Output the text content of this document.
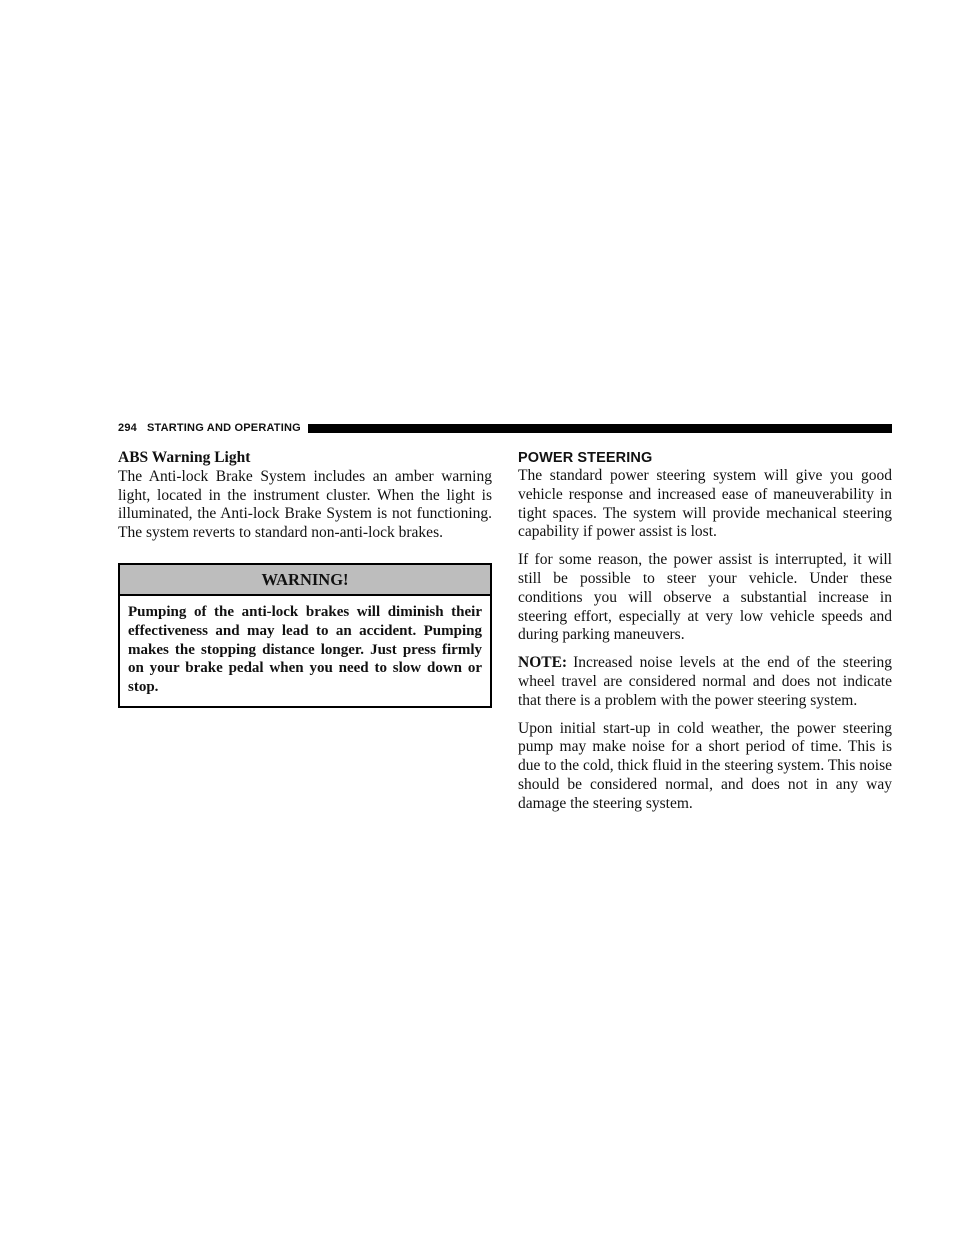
294 STARTING AND OPERATING
ABS Warning Light

The Anti-lock Brake System includes an amber warning light, located in the instrument cluster. When the light is illuminated, the Anti-lock Brake System is not functioning. The system reverts to standard non-anti-lock brakes.

WARNING!
Pumping of the anti-lock brakes will diminish their effectiveness and may lead to an accident. Pumping makes the stopping distance longer. Just press firmly on your brake pedal when you need to slow down or stop.
POWER STEERING

The standard power steering system will give you good vehicle response and increased ease of maneuverability in tight spaces. The system will provide mechanical steering capability if power assist is lost.

If for some reason, the power assist is interrupted, it will still be possible to steer your vehicle. Under these conditions you will observe a substantial increase in steering effort, especially at very low vehicle speeds and during parking maneuvers.

NOTE: Increased noise levels at the end of the steering wheel travel are considered normal and does not indicate that there is a problem with the power steering system.

Upon initial start-up in cold weather, the power steering pump may make noise for a short period of time. This is due to the cold, thick fluid in the steering system. This noise should be considered normal, and does not in any way damage the steering system.
